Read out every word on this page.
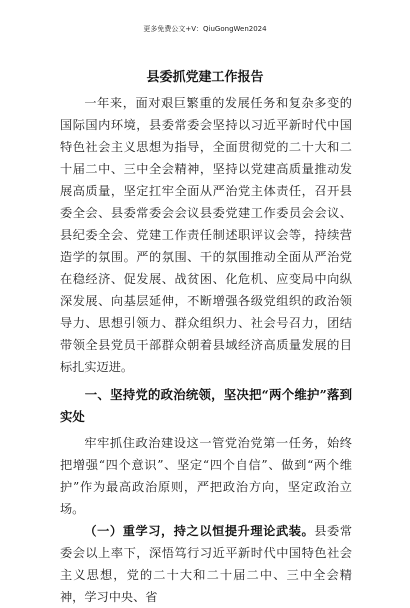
更多免费公文+V：QiuGongWen2024
县委抓党建工作报告

一年来，面对艰巨繁重的发展任务和复杂多变的国际国内环境，县委常委会坚持以习近平新时代中国特色社会主义思想为指导，全面贯彻党的二十大和二十届二中、三中全会精神，坚持以党建高质量推动发展高质量，坚定扛牢全面从严治党主体责任，召开县委全会、县委常委会会议县委党建工作委员会会议、县纪委全会、党建工作责任制述职评议会等，持续营造学的氛围。严的氛围、干的氛围推动全面从严治党在稳经济、促发展、战贫困、化危机、应变局中向纵深发展、向基层延伸，不断增强各级党组织的政治领导力、思想引领力、群众组织力、社会号召力，团结带领全县党员干部群众朝着县域经济高质量发展的目标扎实迈进。

一、坚持党的政治统领，坚决把“两个维护”落到实处

牢牢抓住政治建设这一管党治党第一任务，始终把增强“四个意识”、坚定“四个自信”、做到“两个维护”作为最高政治原则，严把政治方向，坚定政治立场。

（一）重学习，持之以恒提升理论武装。县委常委会以上率下，深悟笃行习近平新时代中国特色社会主义思想，党的二十大和二十届二中、三中全会精神，学习中央、省
